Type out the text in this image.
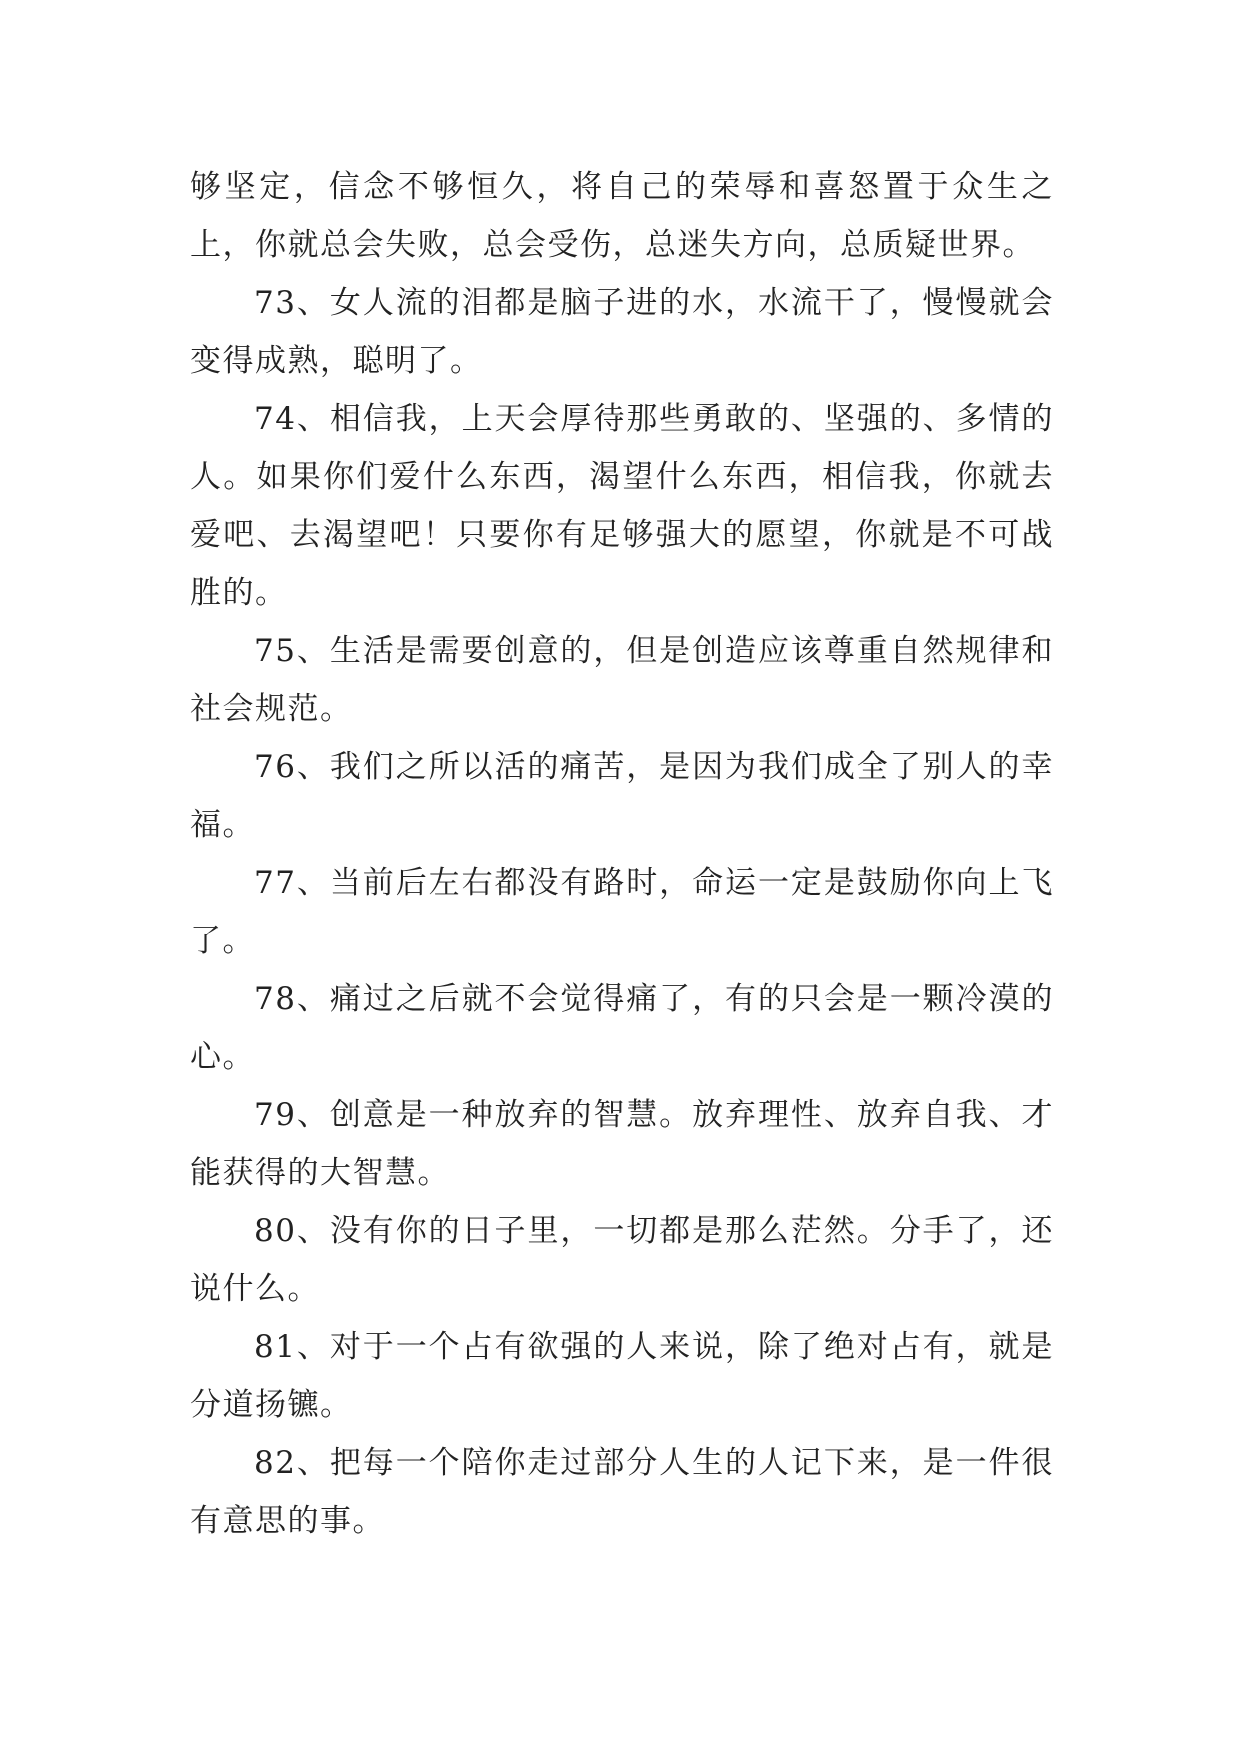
够坚定，信念不够恒久，将自己的荣辱和喜怒置于众生之上，你就总会失败，总会受伤，总迷失方向，总质疑世界。

73、女人流的泪都是脑子进的水，水流干了，慢慢就会变得成熟，聪明了。

74、相信我，上天会厚待那些勇敢的、坚强的、多情的人。如果你们爱什么东西，渴望什么东西，相信我，你就去爱吧、去渴望吧！只要你有足够强大的愿望，你就是不可战胜的。

75、生活是需要创意的，但是创造应该尊重自然规律和社会规范。

76、我们之所以活的痛苦，是因为我们成全了别人的幸福。

77、当前后左右都没有路时，命运一定是鼓励你向上飞了。

78、痛过之后就不会觉得痛了，有的只会是一颗冷漠的心。

79、创意是一种放弃的智慧。放弃理性、放弃自我、才能获得的大智慧。

80、没有你的日子里，一切都是那么茫然。分手了，还说什么。

81、对于一个占有欲强的人来说，除了绝对占有，就是分道扬镳。

82、把每一个陪你走过部分人生的人记下来，是一件很有意思的事。
